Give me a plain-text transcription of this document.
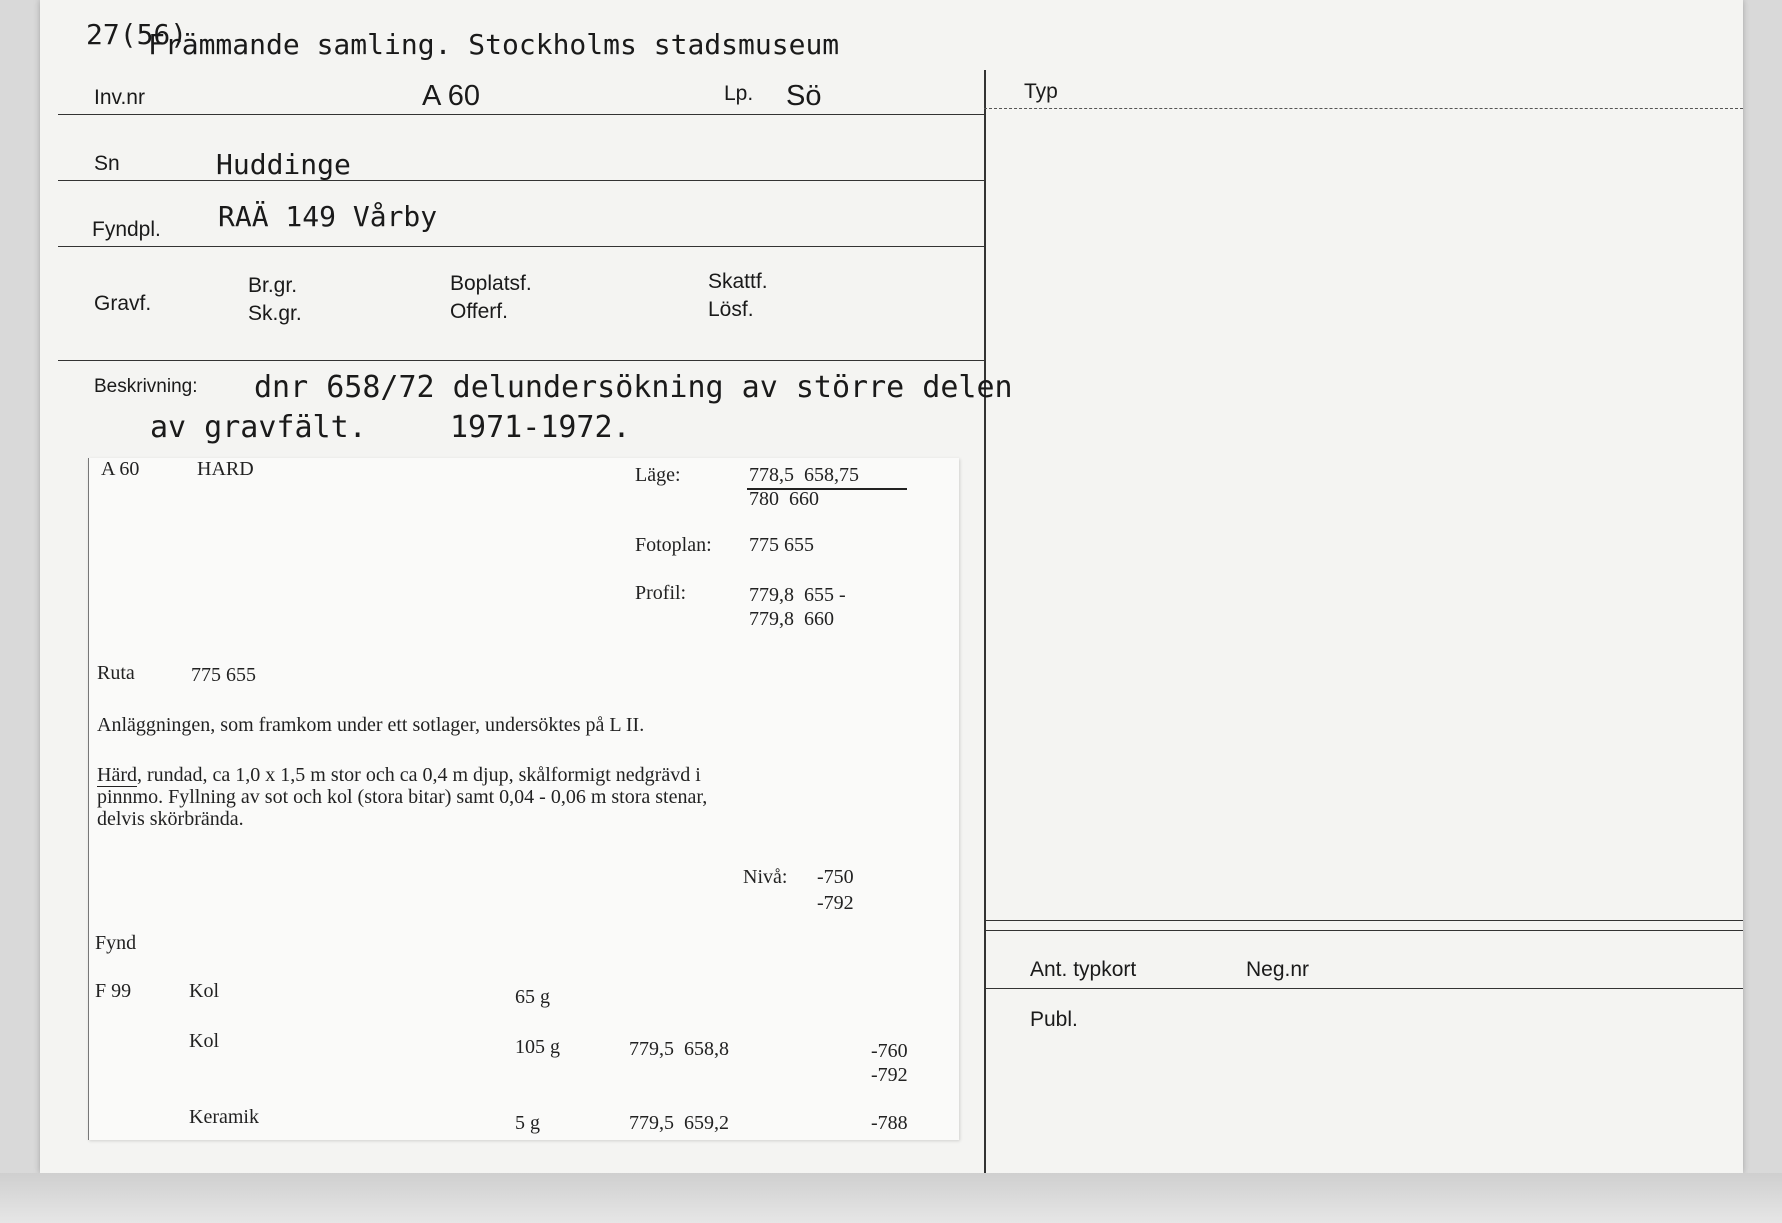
27(56)
Främmande samling. Stockholms stadsmuseum
Inv.nr	A 60	Lp. Sö	Typ
Sn	Huddinge
Fyndpl. RAÄ 149 Vårby
Gravf.
Br.gr.
Sk.gr.
Boplatsf.
Offerf.
Skattf.
Lösf.
Beskrivning: dnr 658/72 delundersökning av större delen
av gravfält.	1971-1972.
Ant. typkort	Neg.nr
Publ.
A 60	HARD	Läge:	778,5  658,75
780  660
Fotoplan: 775 655
Profil:	779,8  655 -
779,8  660
Ruta	775 655
Anläggningen, som framkom under ett sotlager, undersöktes på L II.
Härd, rundad, ca 1,0 x 1,5 m stor och ca 0,4 m djup, skålformigt nedgrävd i
pinnmo. Fyllning av sot och kol (stora bitar) samt 0,04 - 0,06 m stora stenar,
delvis skörbrända.
Nivå: -750
-792
Fynd
F 99	Kol	65 g
Kol	105 g	779,5  658,8	-760
-792
Keramik	5 g	779,5  659,2	-788
